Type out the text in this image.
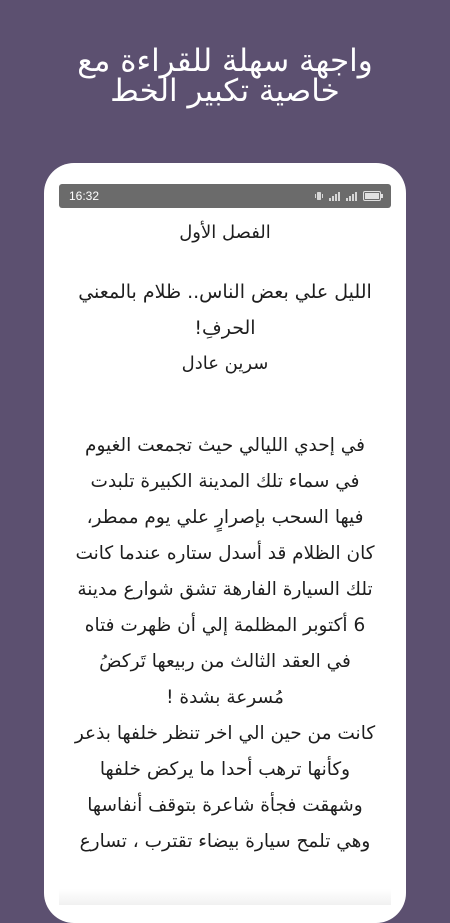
واجهة سهلة للقراءة مع
خاصية تكبير الخط
16:32
الفصل الأول
الليل علي بعض الناس.. ظلام بالمعني
الحرفِ!
سرين عادل
في إحدي الليالي حيث تجمعت الغيوم
في سماء تلك المدينة الكبيرة تلبدت
فيها السحب بإصرارٍ علي يوم ممطر،
كان الظلام قد أسدل ستاره عندما كانت
تلك السيارة الفارهة تشق شوارع مدينة
6 أكتوبر المظلمة إلي أن ظهرت فتاه
في العقد الثالث من ربيعها تَركضُ
مُسرعة بشدة !
كانت من حين الي اخر تنظر خلفها بذعر
وكأنها ترهب أحدا ما يركض خلفها
وشهقت فجأة شاعرة بتوقف أنفاسها
وهي تلمح سيارة بيضاء تقترب ، تسارع
